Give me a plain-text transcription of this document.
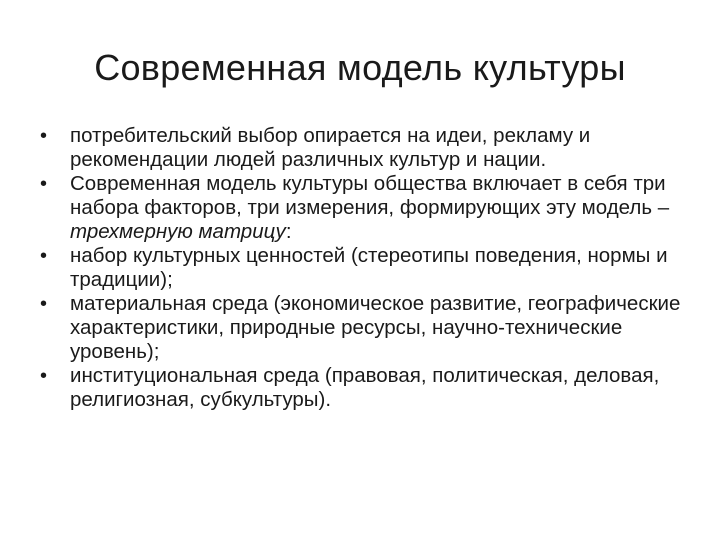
Современная модель культуры
•	потребительский выбор опирается на идеи, рекламу и рекомендации людей различных культур и нации.
•	Современная модель культуры общества включает в себя три набора факторов, три измерения, формирующих эту модель – трехмерную матрицу:
•	набор культурных ценностей (стереотипы поведения, нормы и традиции);
•	материальная среда (экономическое развитие, географические характеристики, природные ресурсы, научно-технические уровень);
•	институциональная среда (правовая, политическая, деловая, религиозная, субкультуры).
